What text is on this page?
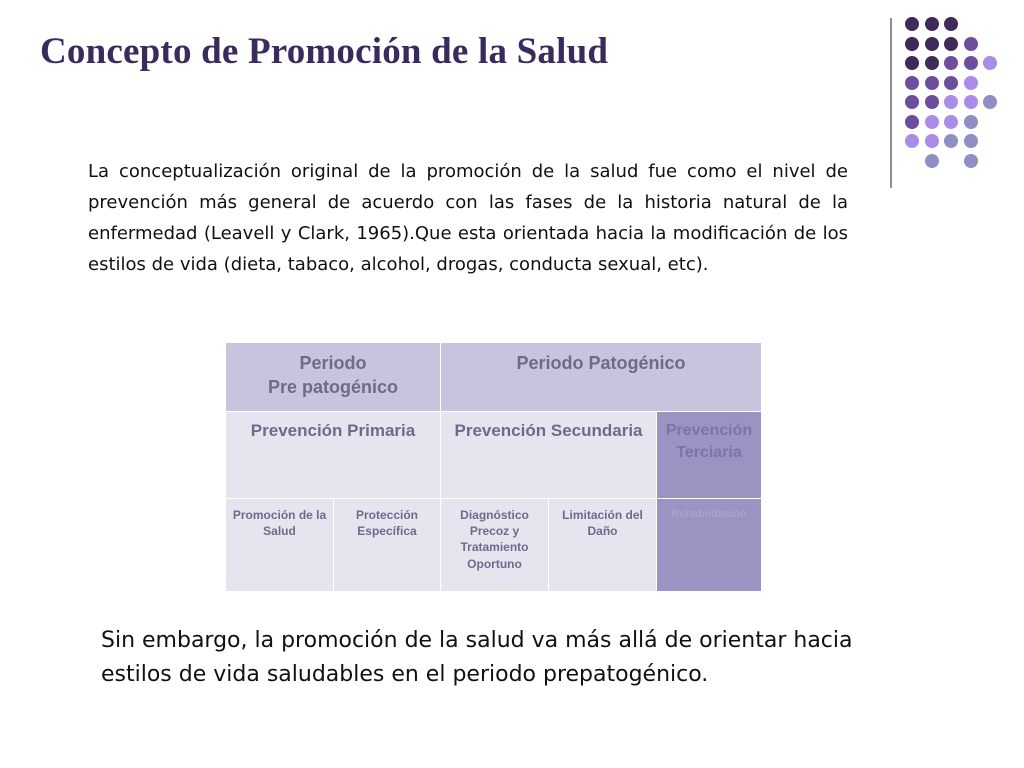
Concepto de Promoción de la Salud
La conceptualización original de la promoción de la salud fue como el nivel de prevención más general de acuerdo con las fases de la historia natural de la enfermedad (Leavell y Clark, 1965).Que esta orientada hacia la modificación de los estilos de vida (dieta, tabaco, alcohol, drogas, conducta sexual, etc).
Periodo
Pre patogénico
Periodo Patogénico
Prevención Primaria Prevención Secundaria Prevención
Terciaria
Promoción de la
Salud
Protección
Específica
Diagnóstico
Precoz y
Tratamiento
Oportuno
Limitación del
Daño
Rehabilitación
Sin embargo, la promoción de la salud va más allá de orientar hacia estilos de vida saludables en el periodo prepatogénico.
